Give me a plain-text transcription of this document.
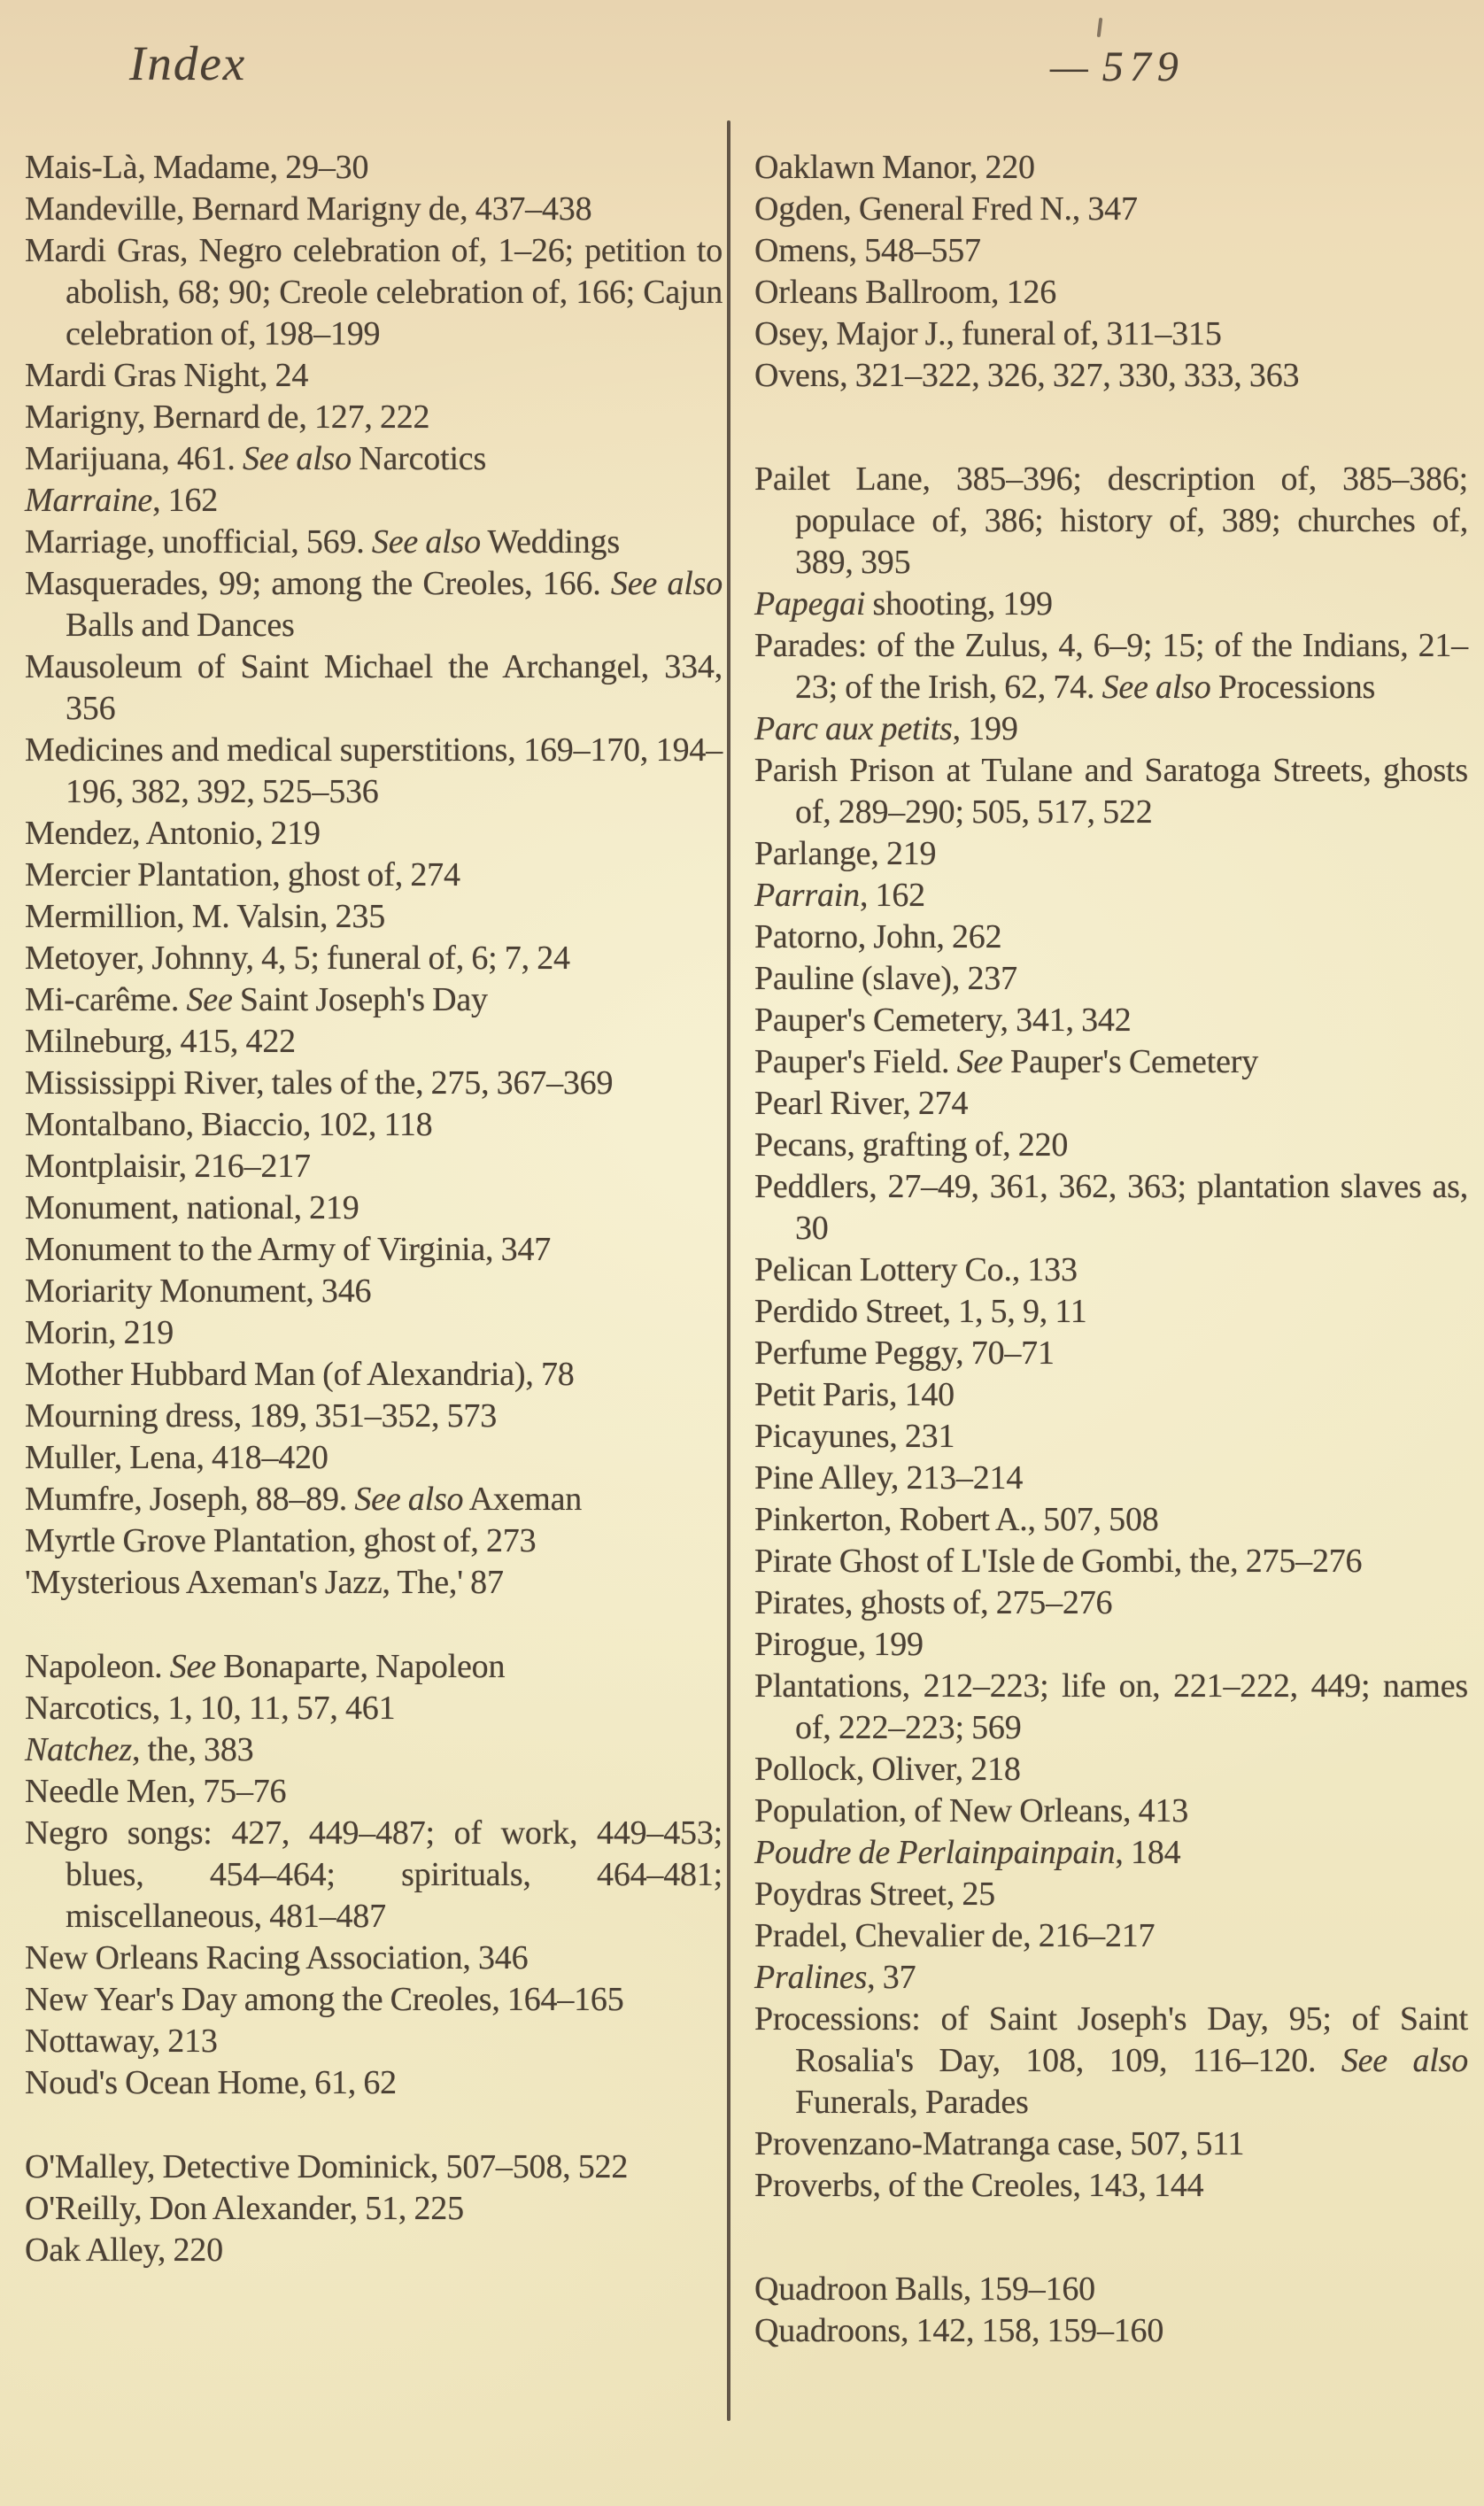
Index	— 579
Mais-Là, Madame, 29–30
Mandeville, Bernard Marigny de, 437–438
Mardi Gras, Negro celebration of, 1–26; petition to abolish, 68; 90; Creole celebration of, 166; Cajun celebration of, 198–199
Mardi Gras Night, 24
Marigny, Bernard de, 127, 222
Marijuana, 461. See also Narcotics
Marraine, 162
Marriage, unofficial, 569. See also Weddings
Masquerades, 99; among the Creoles, 166. See also Balls and Dances
Mausoleum of Saint Michael the Archangel, 334, 356
Medicines and medical superstitions, 169–170, 194–196, 382, 392, 525–536
Mendez, Antonio, 219
Mercier Plantation, ghost of, 274
Mermillion, M. Valsin, 235
Metoyer, Johnny, 4, 5; funeral of, 6; 7, 24
Mi-carême. See Saint Joseph's Day
Milneburg, 415, 422
Mississippi River, tales of the, 275, 367–369
Montalbano, Biaccio, 102, 118
Montplaisir, 216–217
Monument, national, 219
Monument to the Army of Virginia, 347
Moriarity Monument, 346
Morin, 219
Mother Hubbard Man (of Alexandria), 78
Mourning dress, 189, 351–352, 573
Muller, Lena, 418–420
Mumfre, Joseph, 88–89. See also Axeman
Myrtle Grove Plantation, ghost of, 273
'Mysterious Axeman's Jazz, The,' 87
Napoleon. See Bonaparte, Napoleon
Narcotics, 1, 10, 11, 57, 461
Natchez, the, 383
Needle Men, 75–76
Negro songs: 427, 449–487; of work, 449–453; blues, 454–464; spirituals, 464–481; miscellaneous, 481–487
New Orleans Racing Association, 346
New Year's Day among the Creoles, 164–165
Nottaway, 213
Noud's Ocean Home, 61, 62
O'Malley, Detective Dominick, 507–508, 522
O'Reilly, Don Alexander, 51, 225
Oak Alley, 220
Oaklawn Manor, 220
Ogden, General Fred N., 347
Omens, 548–557
Orleans Ballroom, 126
Osey, Major J., funeral of, 311–315
Ovens, 321–322, 326, 327, 330, 333, 363
Pailet Lane, 385–396; description of, 385–386; populace of, 386; history of, 389; churches of, 389, 395
Papegai shooting, 199
Parades: of the Zulus, 4, 6–9; 15; of the Indians, 21–23; of the Irish, 62, 74. See also Processions
Parc aux petits, 199
Parish Prison at Tulane and Saratoga Streets, ghosts of, 289–290; 505, 517, 522
Parlange, 219
Parrain, 162
Patorno, John, 262
Pauline (slave), 237
Pauper's Cemetery, 341, 342
Pauper's Field. See Pauper's Cemetery
Pearl River, 274
Pecans, grafting of, 220
Peddlers, 27–49, 361, 362, 363; plantation slaves as, 30
Pelican Lottery Co., 133
Perdido Street, 1, 5, 9, 11
Perfume Peggy, 70–71
Petit Paris, 140
Picayunes, 231
Pine Alley, 213–214
Pinkerton, Robert A., 507, 508
Pirate Ghost of L'Isle de Gombi, the, 275–276
Pirates, ghosts of, 275–276
Pirogue, 199
Plantations, 212–223; life on, 221–222, 449; names of, 222–223; 569
Pollock, Oliver, 218
Population, of New Orleans, 413
Poudre de Perlainpainpain, 184
Poydras Street, 25
Pradel, Chevalier de, 216–217
Pralines, 37
Processions: of Saint Joseph's Day, 95; of Saint Rosalia's Day, 108, 109, 116–120. See also Funerals, Parades
Provenzano-Matranga case, 507, 511
Proverbs, of the Creoles, 143, 144
Quadroon Balls, 159–160
Quadroons, 142, 158, 159–160
